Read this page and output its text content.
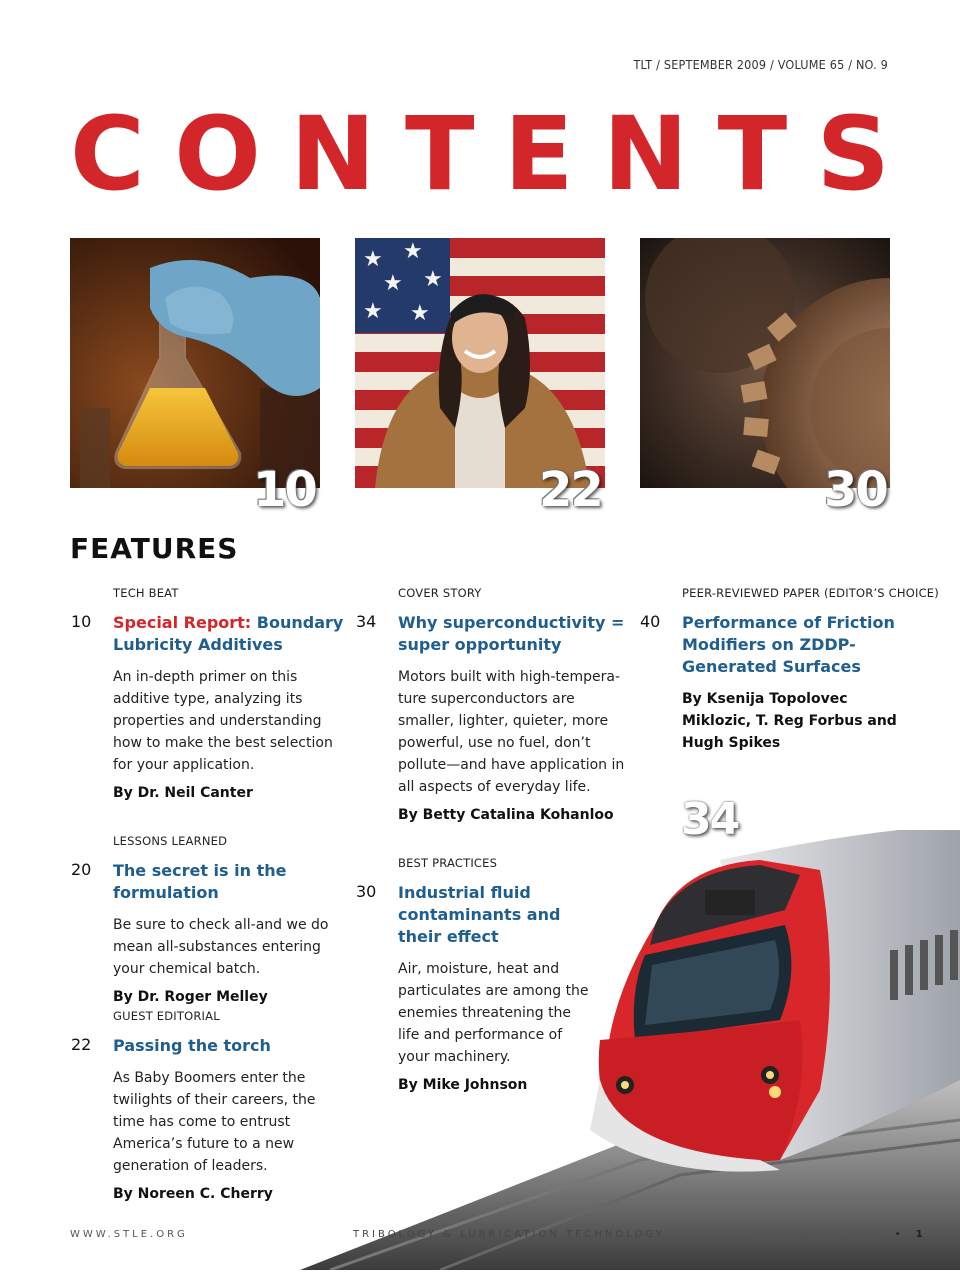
TLT / SEPTEMBER 2009 / VOLUME 65 / NO. 9
C O N T E N T S
10
★ ★
★ ★
★ ★
22	30
FEATURES
34
TECH BEAT
10 Special Report: Boundary Lubricity Additives

An in-depth primer on this additive type, analyzing its properties and understanding how to make the best selection for your application.

By Dr. Neil Canter
LESSONS LEARNED
20 The secret is in the formulation

Be sure to check all-and we do mean all-substances entering your chemical batch.

By Dr. Roger Melley
GUEST EDITORIAL
22 Passing the torch

As Baby Boomers enter the twilights of their careers, the time has come to entrust America’s future to a new generation of leaders.

By Noreen C. Cherry
COVER STORY
34 Why superconductivity = super opportunity

Motors built with high-tempera-ture superconductors are smaller, lighter, quieter, more powerful, use no fuel, don’t pollute—and have application in all aspects of everyday life.

By Betty Catalina Kohanloo
BEST PRACTICES
30 Industrial fluid contaminants and their effect

Air, moisture, heat and particulates are among the enemies threatening the life and performance of your machinery.

By Mike Johnson
PEER-REVIEWED PAPER (EDITOR’S CHOICE)
40 Performance of Friction Modifiers on ZDDP-Generated Surfaces

By Ksenija Topolovec Miklozic, T. Reg Forbus and Hugh Spikes
WWW.STLE.ORG	TRIBOLOGY & LUBRICATION TECHNOLOGY	SEPTEMBER 2009 • 1
